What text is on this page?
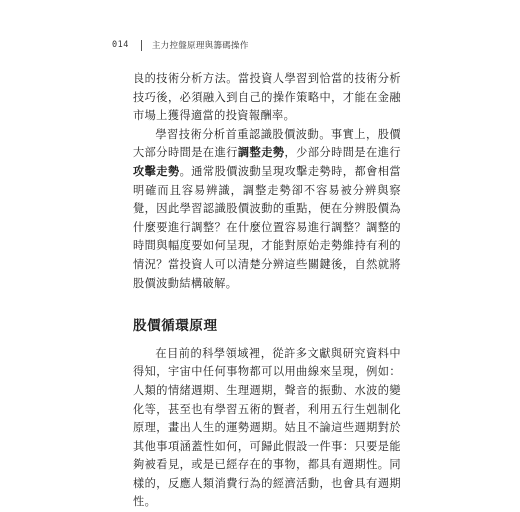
014	主力控盤原理與籌碼操作

良的技術分析方法。當投資人學習到恰當的技術分析技巧後，必須融入到自己的操作策略中，才能在金融市場上獲得適當的投資報酬率。

學習技術分析首重認識股價波動。事實上，股價大部分時間是在進行調整走勢，少部分時間是在進行攻擊走勢。通常股價波動呈現攻擊走勢時，都會相當明確而且容易辨識，調整走勢卻不容易被分辨與察覺，因此學習認識股價波動的重點，便在分辨股價為什麼要進行調整？在什麼位置容易進行調整？調整的時間與幅度要如何呈現，才能對原始走勢維持有利的情況？當投資人可以清楚分辨這些關鍵後，自然就將股價波動結構破解。

股價循環原理

在目前的科學領域裡，從許多文獻與研究資料中得知，宇宙中任何事物都可以用曲線來呈現，例如：人類的情緒週期、生理週期，聲音的振動、水波的變化等，甚至也有學習五術的賢者，利用五行生剋制化原理，畫出人生的運勢週期。姑且不論這些週期對於其他事項涵蓋性如何，可歸此假設一件事：只要是能夠被看見，或是已經存在的事物，都具有週期性。同樣的，反應人類消費行為的經濟活動，也會具有週期性。
